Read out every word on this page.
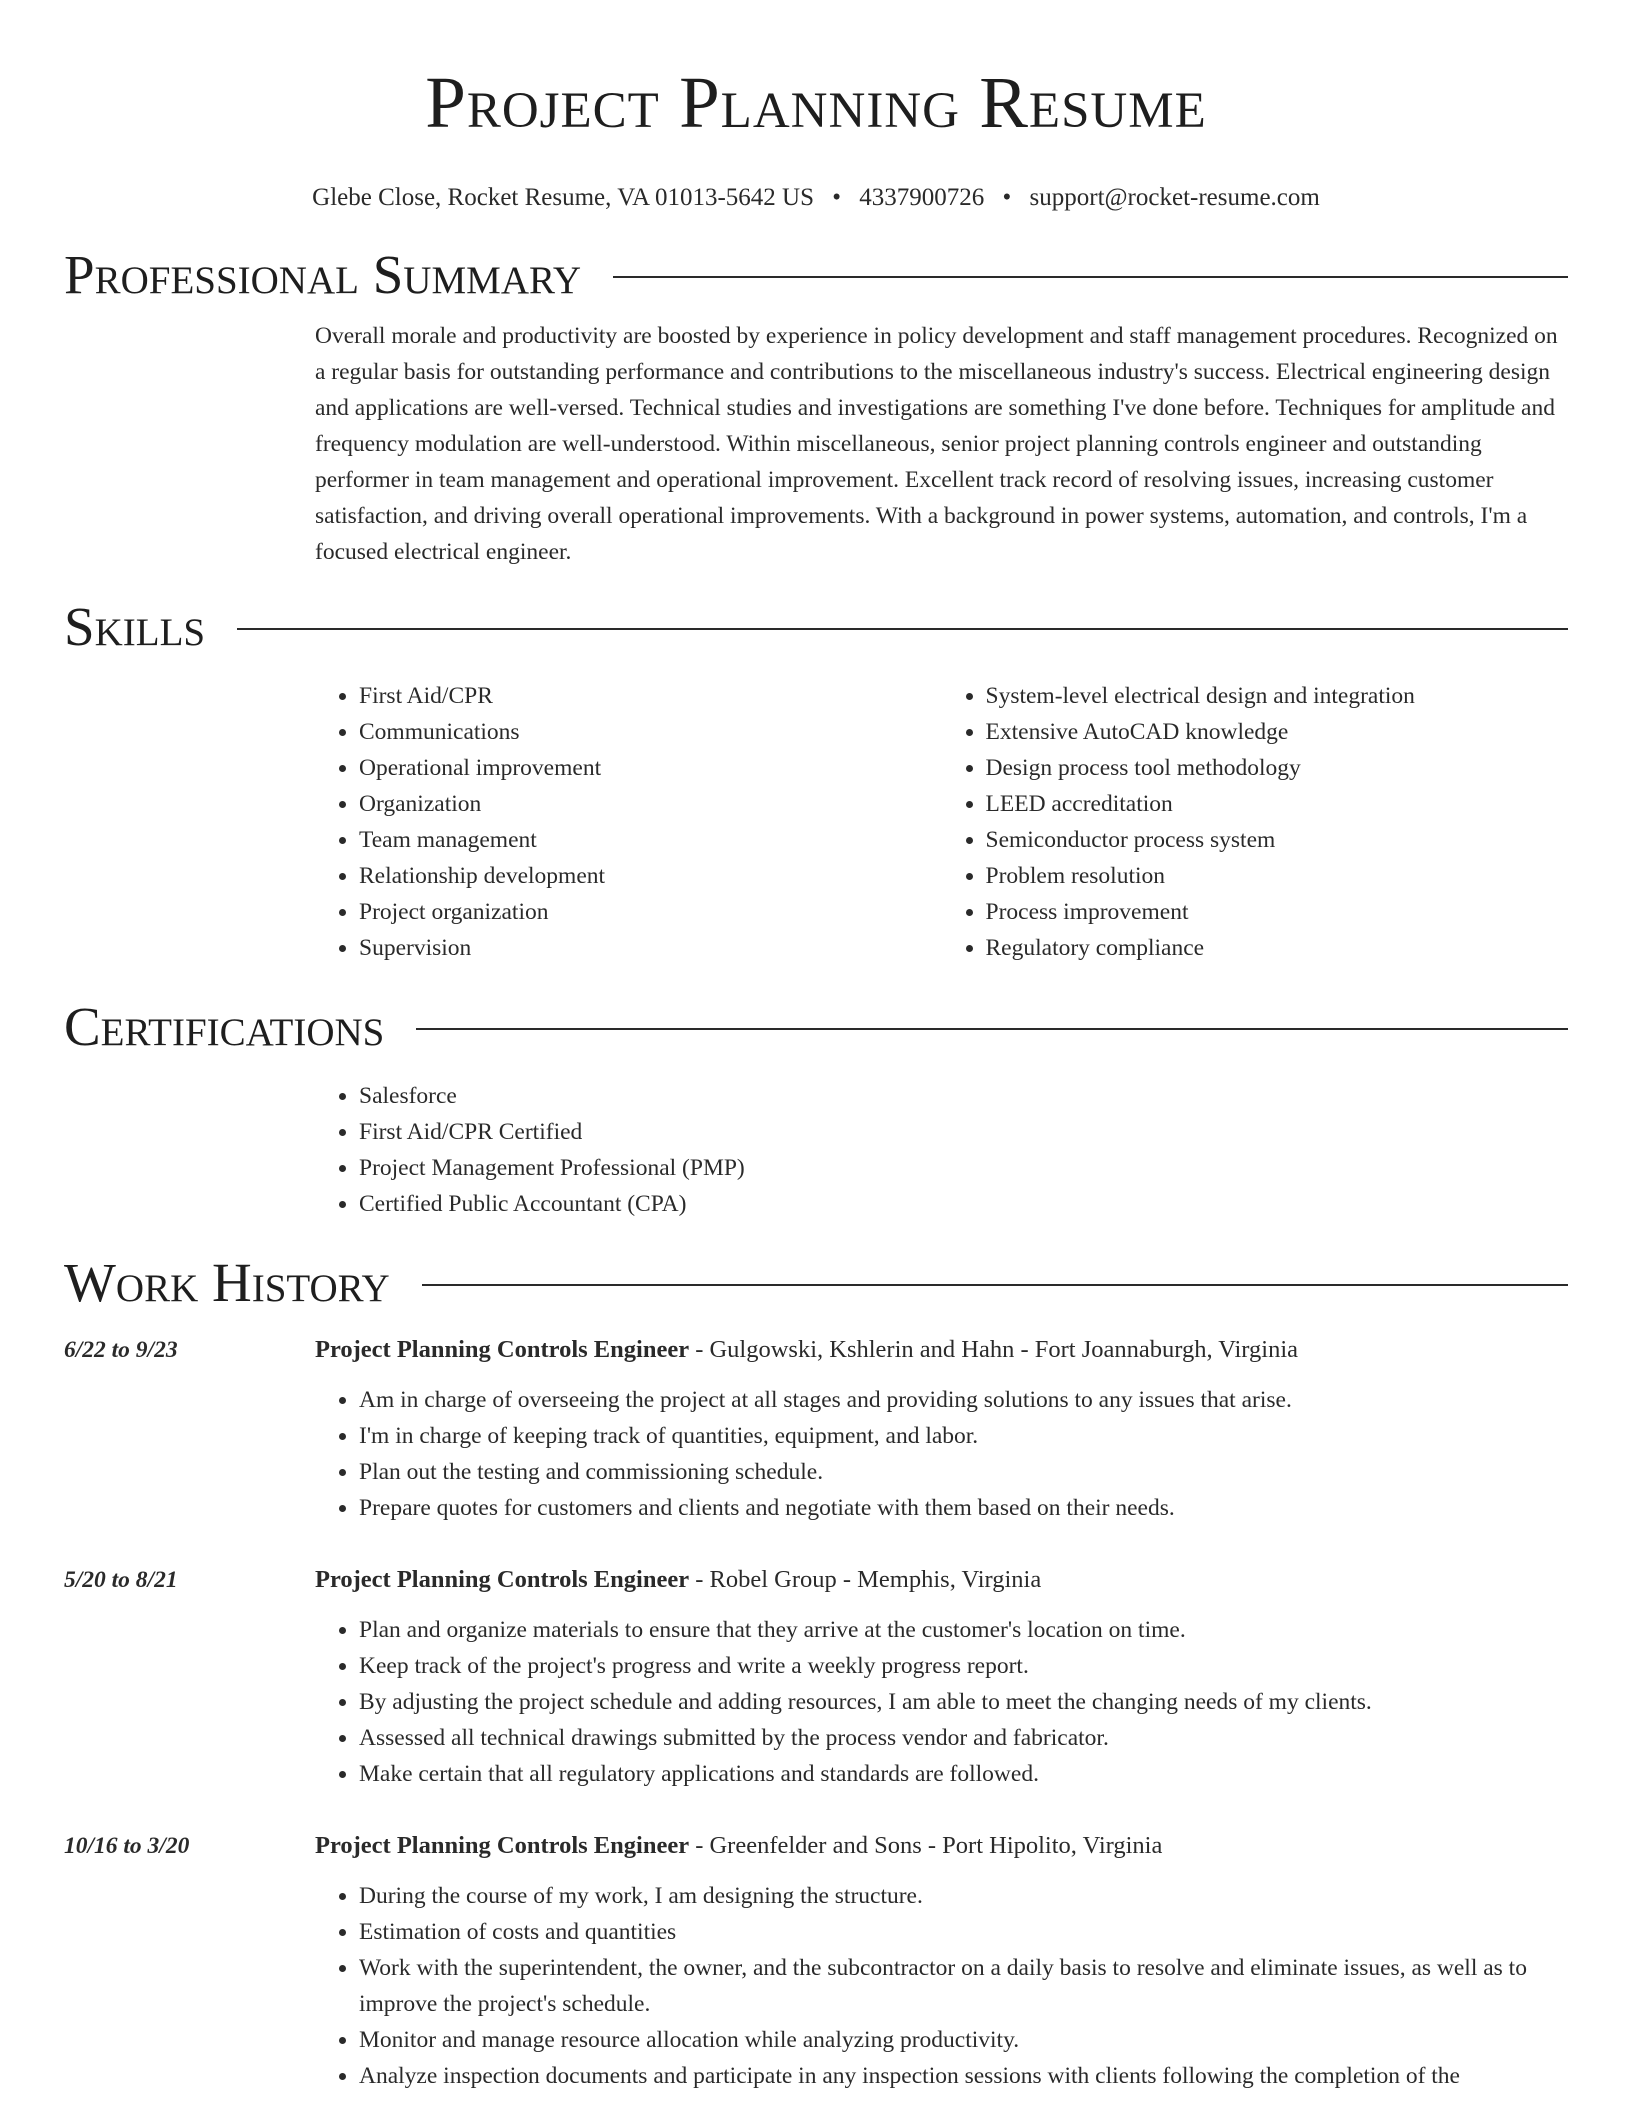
Project Planning Resume
Glebe Close, Rocket Resume, VA 01013-5642 US • 4337900726 • support@rocket-resume.com
Professional Summary

Overall morale and productivity are boosted by experience in policy development and staff management procedures. Recognized on a regular basis for outstanding performance and contributions to the miscellaneous industry's success. Electrical engineering design and applications are well-versed. Technical studies and investigations are something I've done before. Techniques for amplitude and frequency modulation are well-understood. Within miscellaneous, senior project planning controls engineer and outstanding performer in team management and operational improvement. Excellent track record of resolving issues, increasing customer satisfaction, and driving overall operational improvements. With a background in power systems, automation, and controls, I'm a focused electrical engineer.

Skills
• First Aid/CPR
• Communications
• Operational improvement
• Organization
• Team management
• Relationship development
• Project organization
• Supervision
• System-level electrical design and integration
• Extensive AutoCAD knowledge
• Design process tool methodology
• LEED accreditation
• Semiconductor process system
• Problem resolution
• Process improvement
• Regulatory compliance
Certifications
• Salesforce
• First Aid/CPR Certified
• Project Management Professional (PMP)
• Certified Public Accountant (CPA)
Work History
6/22 to 9/23	Project Planning Controls Engineer - Gulgowski, Kshlerin and Hahn - Fort Joannaburgh, Virginia
• Am in charge of overseeing the project at all stages and providing solutions to any issues that arise.
• I'm in charge of keeping track of quantities, equipment, and labor.
• Plan out the testing and commissioning schedule.
• Prepare quotes for customers and clients and negotiate with them based on their needs.
5/20 to 8/21	Project Planning Controls Engineer - Robel Group - Memphis, Virginia
• Plan and organize materials to ensure that they arrive at the customer's location on time.
• Keep track of the project's progress and write a weekly progress report.
• By adjusting the project schedule and adding resources, I am able to meet the changing needs of my clients.
• Assessed all technical drawings submitted by the process vendor and fabricator.
• Make certain that all regulatory applications and standards are followed.
10/16 to 3/20	Project Planning Controls Engineer - Greenfelder and Sons - Port Hipolito, Virginia
• During the course of my work, I am designing the structure.
• Estimation of costs and quantities
• Work with the superintendent, the owner, and the subcontractor on a daily basis to resolve and eliminate issues, as well as to improve the project's schedule.
• Monitor and manage resource allocation while analyzing productivity.
• Analyze inspection documents and participate in any inspection sessions with clients following the completion of the
